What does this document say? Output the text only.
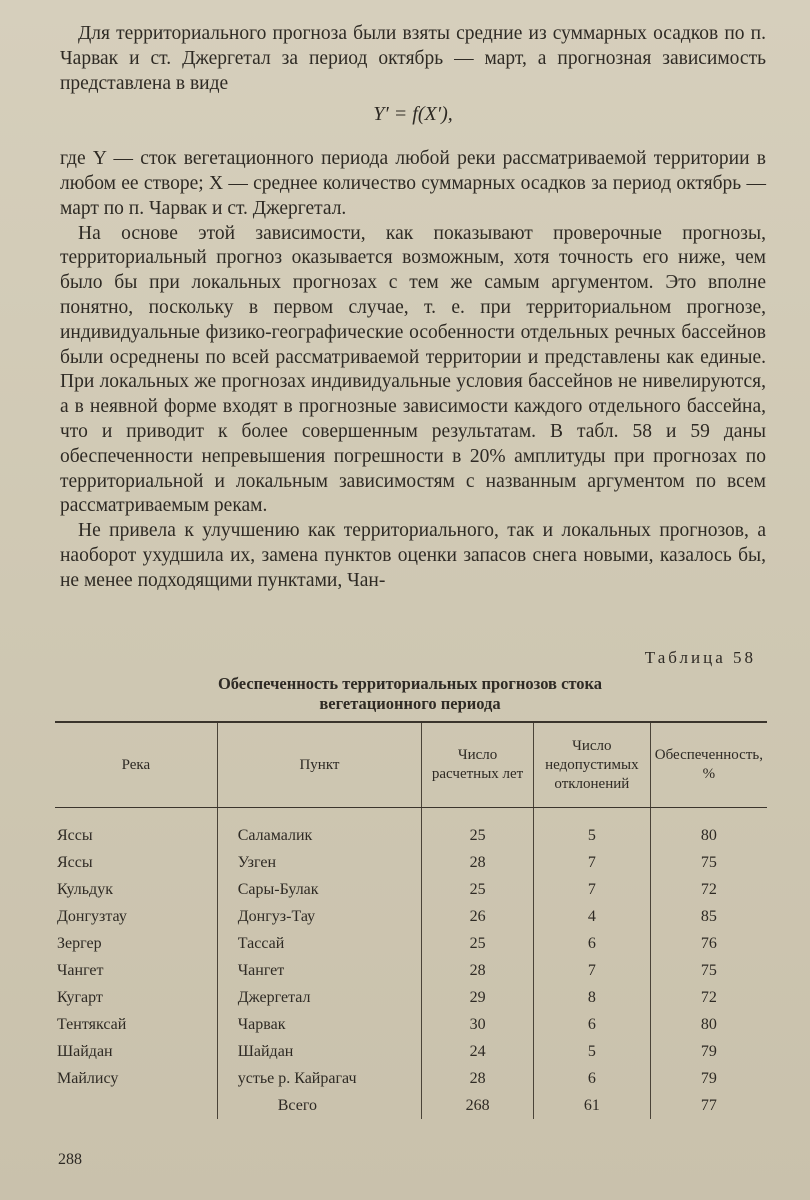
Для территориального прогноза были взяты средние из суммарных осадков по п. Чарвак и ст. Джергетал за период октябрь — март, а прогнозная зависимость представлена в виде

Y′ = f(X′),

где Y — сток вегетационного периода любой реки рассматриваемой территории в любом ее створе; X — среднее количество суммарных осадков за период октябрь — март по п. Чарвак и ст. Джергетал.

На основе этой зависимости, как показывают проверочные прогнозы, территориальный прогноз оказывается возможным, хотя точность его ниже, чем было бы при локальных прогнозах с тем же самым аргументом. Это вполне понятно, поскольку в первом случае, т. е. при территориальном прогнозе, индивидуальные физико-географические особенности отдельных речных бассейнов были осреднены по всей рассматриваемой территории и представлены как единые. При локальных же прогнозах индивидуальные условия бассейнов не нивелируются, а в неявной форме входят в прогнозные зависимости каждого отдельного бассейна, что и приводит к более совершенным результатам. В табл. 58 и 59 даны обеспеченности непревышения погрешности в 20% амплитуды при прогнозах по территориальной и локальным зависимостям с названным аргументом по всем рассматриваемым рекам.

Не привела к улучшению как территориального, так и локальных прогнозов, а наоборот ухудшила их, замена пунктов оценки запасов снега новыми, казалось бы, не менее подходящими пунктами, Чан-

Таблица 58
Обеспеченность территориальных прогнозов стока
вегетационного периода
Река	Пункт	Число расчетных лет	Число недопустимых отклонений	Обеспеченность, %
Яссы	Саламалик	25	5	80
Яссы	Узген	28	7	75
Кульдук	Сары-Булак	25	7	72
Донгузтау	Донгуз-Тау	26	4	85
Зергер	Тассай	25	6	76
Чангет	Чангет	28	7	75
Кугарт	Джергетал	29	8	72
Тентяксай	Чарвак	30	6	80
Шайдан	Шайдан	24	5	79
Майлису	устье р. Кайрагач	28	6	79
	Всего	268	61	77
288
